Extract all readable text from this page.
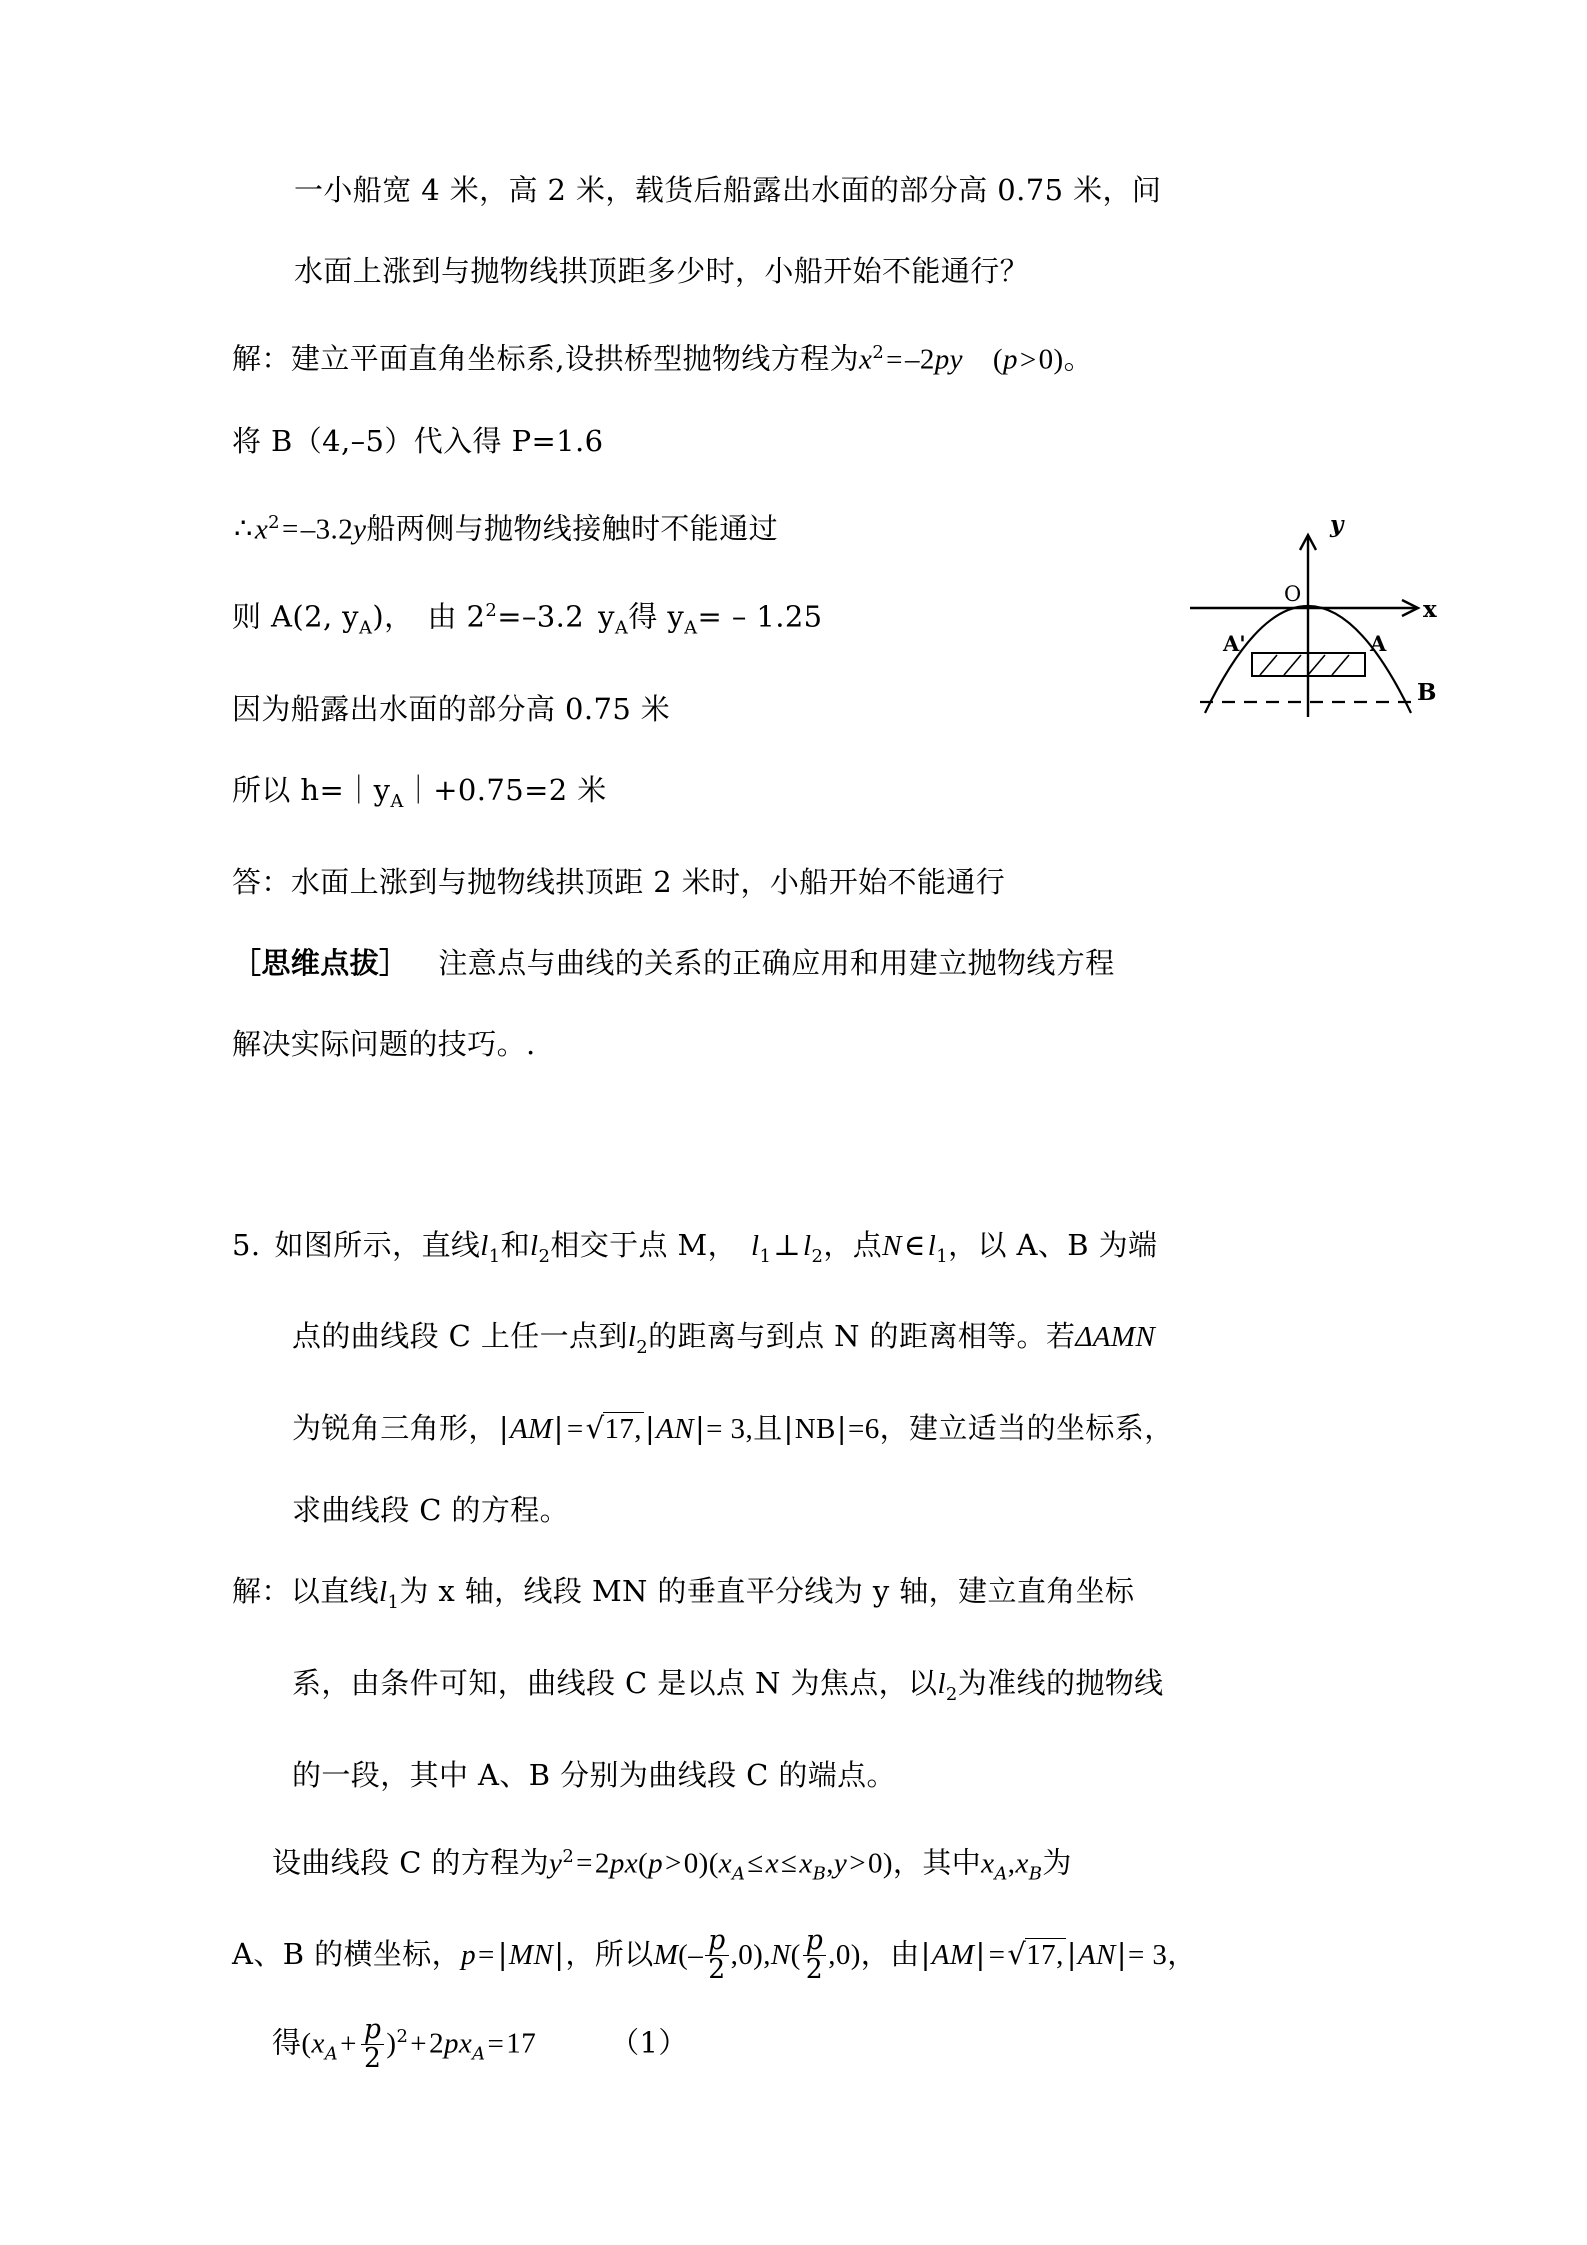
y
x
O
A'	A
B
一小船宽 4 米，高 2 米，载货后船露出水面的部分高 0.75 米，问
水面上涨到与抛物线拱顶距多少时，小船开始不能通行？
解：建立平面直角坐标系,设拱桥型抛物线方程为$x^2=-2py$ (p>0)。
将 B（4,–5）代入得 P=1.6
$\therefore x^2=-3.2y$船两侧与抛物线接触时不能通过
则 A(2, $y_A$)， 由 $2^2=-3.2$ $y_A$得 $y_A= - 1.25$
因为船露出水面的部分高 0.75 米
所以 $h=|y_A|+0.75=2$ 米
答：水面上涨到与抛物线拱顶距 2 米时，小船开始不能通行
［思维点拔］ 注意点与曲线的关系的正确应用和用建立抛物线方程
解决实际问题的技巧。.
5. 如图所示，直线$l_1$和$l_2$相交于点 M， $l_1\perp l_2$，点$N\in l_1$，以 A、B 为端
点的曲线段 C 上任一点到$l_2$的距离与到点 N 的距离相等。若ΔAMN
为锐角三角形，|AM| =√17, |AN|= 3,且|NB|=6，建立适当的坐标系，
求曲线段 C 的方程。
解：以直线$l_1$为 x 轴，线段 MN 的垂直平分线为 y 轴，建立直角坐标
系，由条件可知，曲线段 C 是以点 N 为焦点，以$l_2$为准线的抛物线
的一段，其中 A、B 分别为曲线段 C 的端点。
设曲线段 C 的方程为$y^2=2px(p>0)(x_A\le x\le x_B,y>0)$，其中$x_A,x_B$为
A、B 的横坐标，p= |MN|，所以$M(- \frac{p}{2} ,0),N( \frac{p}{2} ,0)$，由|AM| =√17, |AN|= 3，
得$(x_A+ \frac{p}{2} )^2+2px_A=17$	（1）
